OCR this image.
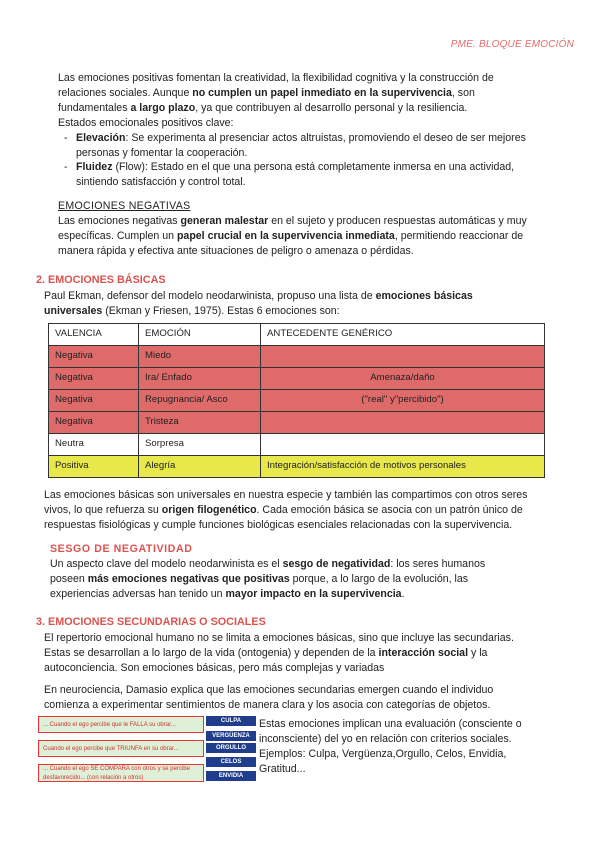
PME. BLOQUE EMOCIÓN

Las emociones positivas fomentan la creatividad, la flexibilidad cognitiva y la construcción de

relaciones sociales. Aunque no cumplen un papel inmediato en la supervivencia, son

fundamentales a largo plazo, ya que contribuyen al desarrollo personal y la resiliencia.

Estados emocionales positivos clave:

- Elevación: Se experimenta al presenciar actos altruistas, promoviendo el deseo de ser mejores
personas y fomentar la cooperación.
- Fluidez (Flow): Estado en el que una persona está completamente inmersa en una actividad,
sintiendo satisfacción y control total.

EMOCIONES NEGATIVAS

Las emociones negativas generan malestar en el sujeto y producen respuestas automáticas y muy

específicas. Cumplen un papel crucial en la supervivencia inmediata, permitiendo reaccionar de

manera rápida y efectiva ante situaciones de peligro o amenaza o pérdidas.

2. EMOCIONES BÁSICAS

Paul Ekman, defensor del modelo neodarwinista, propuso una lista de emociones básicas

universales (Ekman y Friesen, 1975). Estas 6 emociones son:

VALENCIA	EMOCIÓN	ANTECEDENTE GENÉRICO
Negativa	Miedo	
Negativa	Ira/ Enfado	Amenaza/daño
Negativa	Repugnancia/ Asco	("real" y"percibido")
Negativa	Tristeza	
Neutra	Sorpresa	
Positiva	Alegría	Integración/satisfacción de motivos personales

Las emociones básicas son universales en nuestra especie y también las compartimos con otros seres

vivos, lo que refuerza su origen filogenético. Cada emoción básica se asocia con un patrón único de

respuestas fisiológicas y cumple funciones biológicas esenciales relacionadas con la supervivencia.

SESGO DE NEGATIVIDAD

Un aspecto clave del modelo neodarwinista es el sesgo de negatividad: los seres humanos

poseen más emociones negativas que positivas porque, a lo largo de la evolución, las

experiencias adversas han tenido un mayor impacto en la supervivencia.

3. EMOCIONES SECUNDARIAS O SOCIALES

El repertorio emocional humano no se limita a emociones básicas, sino que incluye las secundarias.

Estas se desarrollan a lo largo de la vida (ontogenia) y dependen de la interacción social y la

autoconciencia. Son emociones básicas, pero más complejas y variadas

En neurociencia, Damasio explica que las emociones secundarias emergen cuando el individuo

comienza a experimentar sentimientos de manera clara y los asocia con categorías de objetos.

... Cuando el ego percibe que le FALLA su obrar...
Cuando el ego percibe que TRIUNFA en su obrar...
... Cuando el ego SE COMPARA con otros y se percibe desfavorecido... (con relación a otros)
CULPA
VERGÜENZA
ORGULLO
CELOS
ENVIDIA

Estas emociones implican una evaluación (consciente o

inconsciente) del yo en relación con criterios sociales.

Ejemplos: Culpa, Vergüenza,Orgullo, Celos, Envidia,

Gratitud...
